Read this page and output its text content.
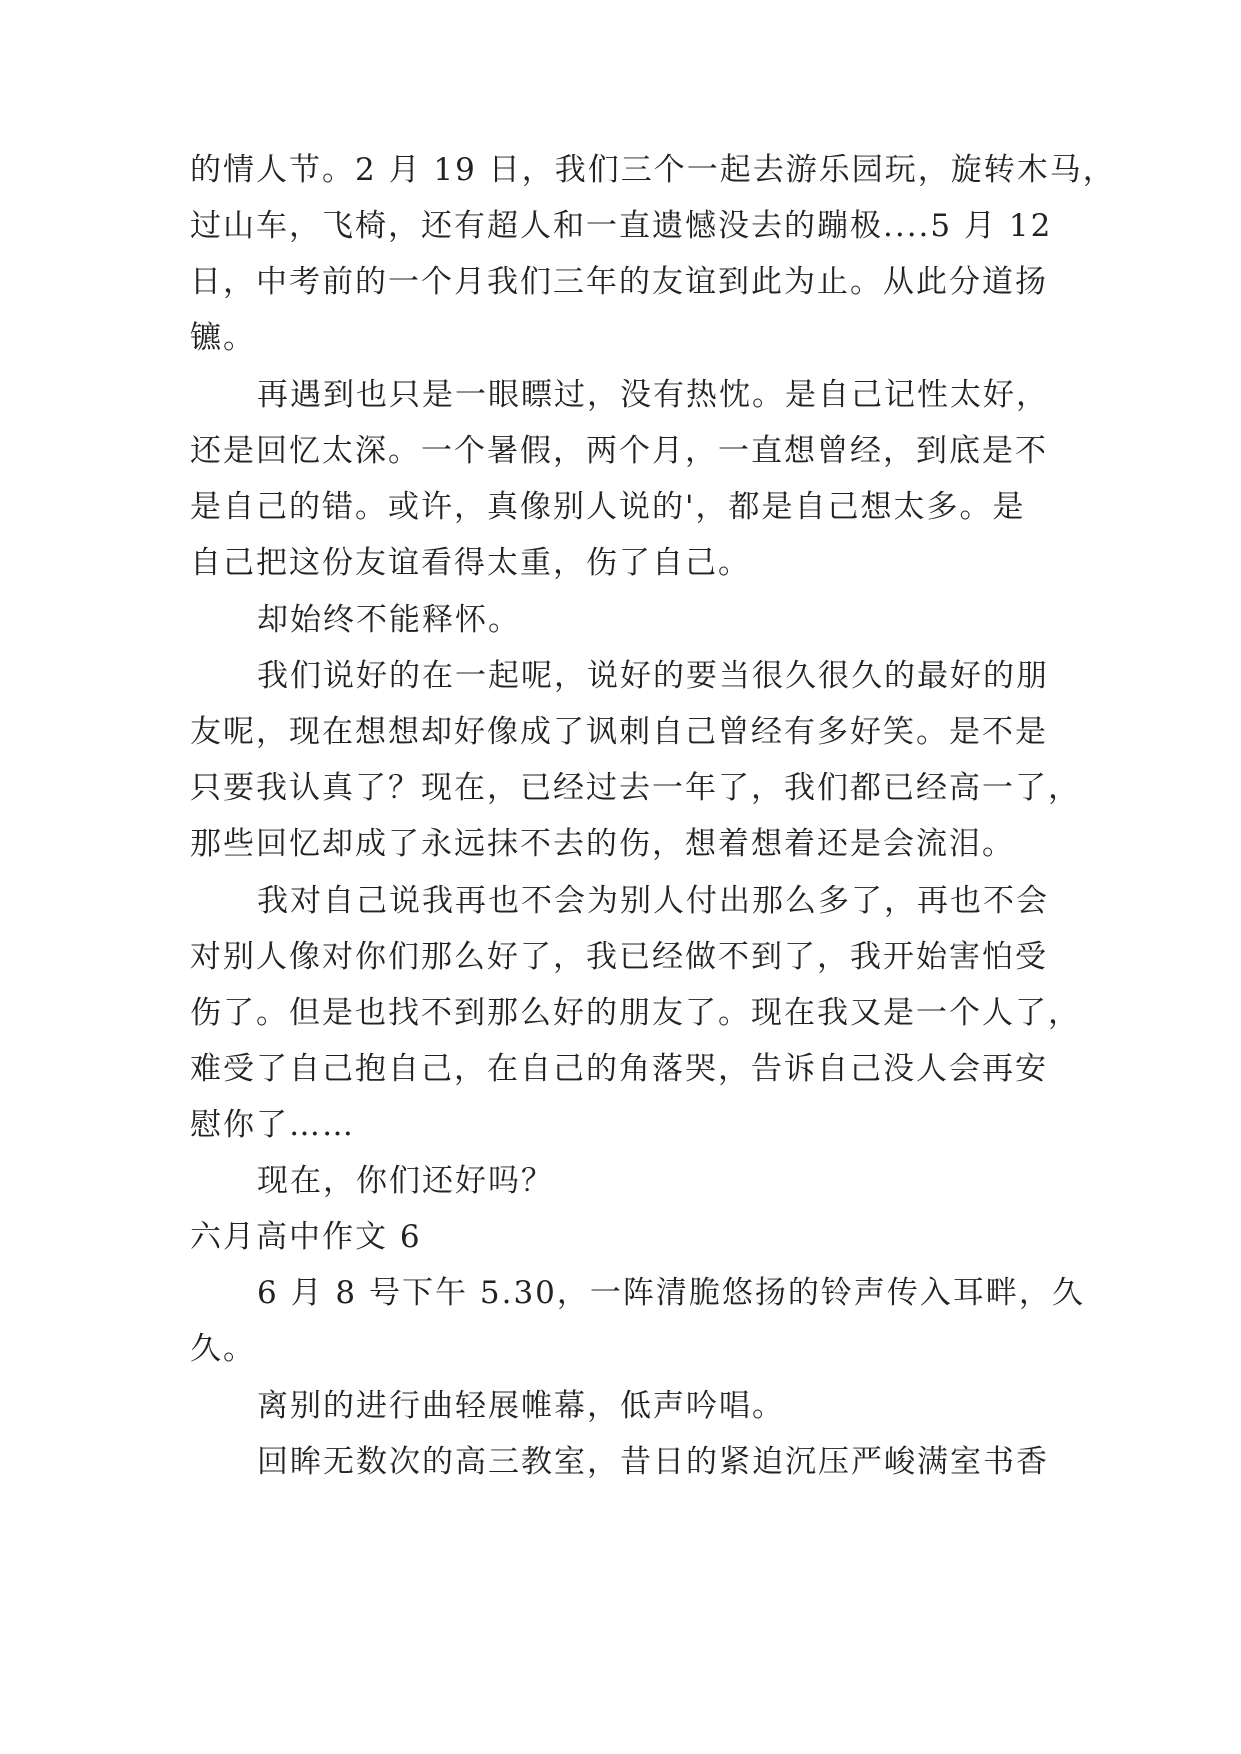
的情人节。2 月 19 日，我们三个一起去游乐园玩，旋转木马，
过山车，飞椅，还有超人和一直遗憾没去的蹦极....5 月 12
日，中考前的一个月我们三年的友谊到此为止。从此分道扬
镳。
再遇到也只是一眼瞟过，没有热忱。是自己记性太好，
还是回忆太深。一个暑假，两个月，一直想曾经，到底是不
是自己的错。或许，真像别人说的'，都是自己想太多。是
自己把这份友谊看得太重，伤了自己。
却始终不能释怀。
我们说好的在一起呢，说好的要当很久很久的最好的朋
友呢，现在想想却好像成了讽刺自己曾经有多好笑。是不是
只要我认真了？现在，已经过去一年了，我们都已经高一了，
那些回忆却成了永远抹不去的伤，想着想着还是会流泪。
我对自己说我再也不会为别人付出那么多了，再也不会
对别人像对你们那么好了，我已经做不到了，我开始害怕受
伤了。但是也找不到那么好的朋友了。现在我又是一个人了，
难受了自己抱自己，在自己的角落哭，告诉自己没人会再安
慰你了……
现在，你们还好吗？
六月高中作文 6
6 月 8 号下午 5.30，一阵清脆悠扬的铃声传入耳畔，久
久。
离别的进行曲轻展帷幕，低声吟唱。
回眸无数次的高三教室，昔日的紧迫沉压严峻满室书香
